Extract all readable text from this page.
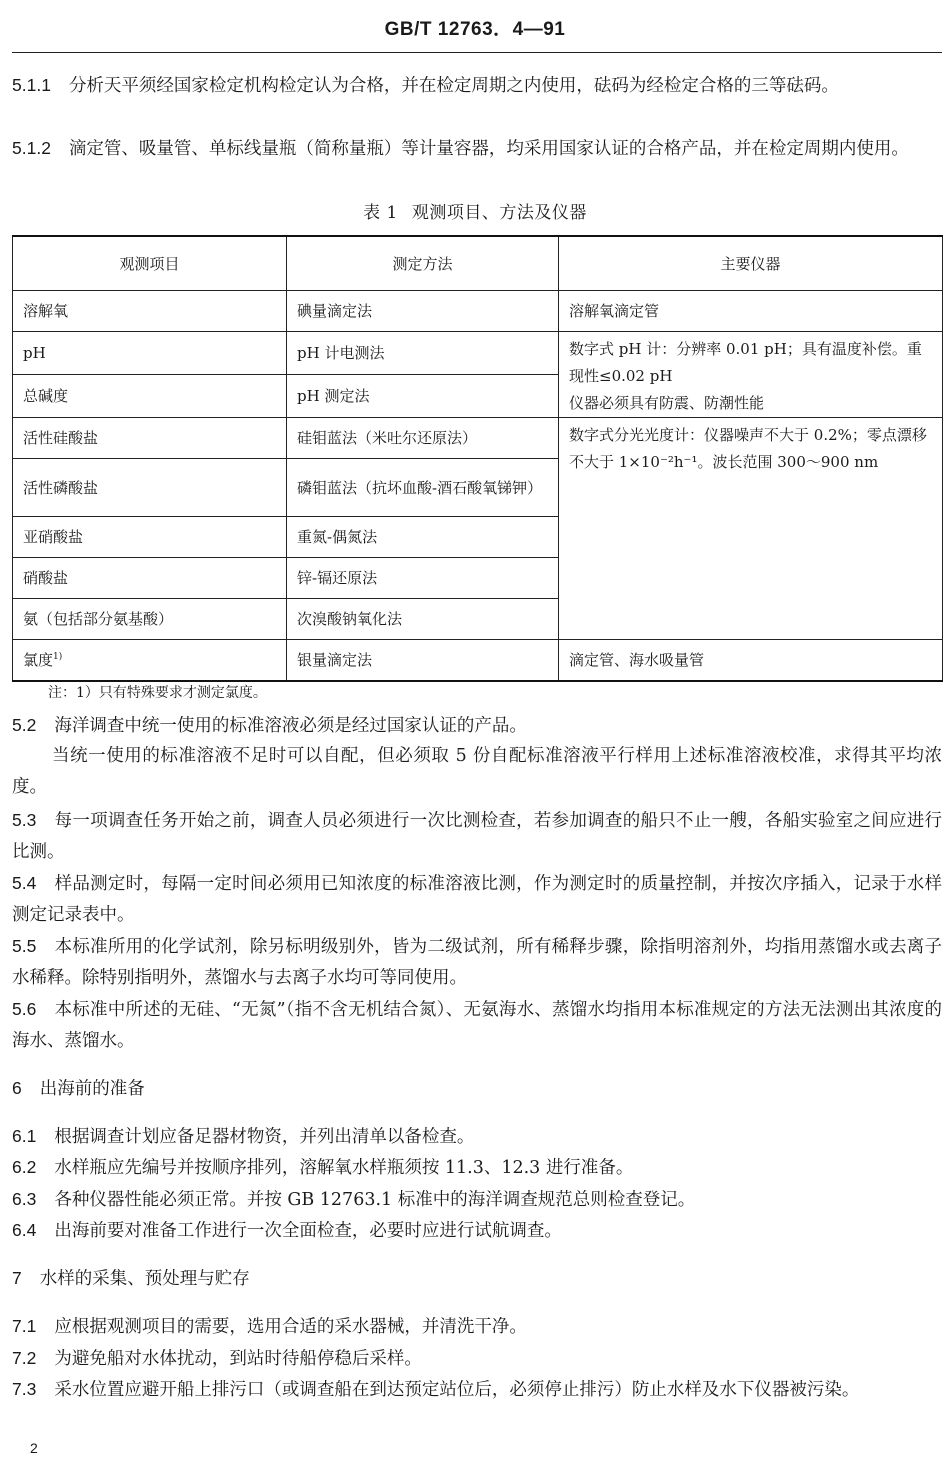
GB/T 12763．4—91
5.1.1 分析天平须经国家检定机构检定认为合格，并在检定周期之内使用，砝码为经检定合格的三等砝码。
5.1.2 滴定管、吸量管、单标线量瓶（简称量瓶）等计量容器，均采用国家认证的合格产品，并在检定周期内使用。
表 1 观测项目、方法及仪器
观测项目	测定方法	主要仪器
溶解氧	碘量滴定法	溶解氧滴定管
pH	pH 计电测法	数字式 pH 计：分辨率 0.01 pH；具有温度补偿。重现性≤0.02 pH
仪器必须具有防震、防潮性能

总碱度	pH 测定法	
活性硅酸盐	硅钼蓝法（米吐尔还原法）	数字式分光光度计：仪器噪声不大于 0.2%；零点漂移不大于 1×10⁻²h⁻¹。波长范围 300～900 nm
活性磷酸盐	磷钼蓝法（抗坏血酸-酒石酸氧锑钾）	
亚硝酸盐	重氮-偶氮法	
硝酸盐	锌-镉还原法	
氨（包括部分氨基酸）	次溴酸钠氧化法	
氯度$^{1)}$	银量滴定法	滴定管、海水吸量管
注：1）只有特殊要求才测定氯度。
5.2 海洋调查中统一使用的标准溶液必须是经过国家认证的产品。
当统一使用的标准溶液不足时可以自配，但必须取 5 份自配标准溶液平行样用上述标准溶液校准，求得其平均浓度。
5.3 每一项调查任务开始之前，调查人员必须进行一次比测检查，若参加调查的船只不止一艘，各船实验室之间应进行比测。
5.4 样品测定时，每隔一定时间必须用已知浓度的标准溶液比测，作为测定时的质量控制，并按次序插入，记录于水样测定记录表中。
5.5 本标准所用的化学试剂，除另标明级别外，皆为二级试剂，所有稀释步骤，除指明溶剂外，均指用蒸馏水或去离子水稀释。除特别指明外，蒸馏水与去离子水均可等同使用。
5.6 本标准中所述的无硅、“无氮”（指不含无机结合氮）、无氨海水、蒸馏水均指用本标准规定的方法无法测出其浓度的海水、蒸馏水。
6 出海前的准备
6.1 根据调查计划应备足器材物资，并列出清单以备检查。
6.2 水样瓶应先编号并按顺序排列，溶解氧水样瓶须按 11.3、12.3 进行准备。
6.3 各种仪器性能必须正常。并按 GB 12763.1 标准中的海洋调查规范总则检查登记。
6.4 出海前要对准备工作进行一次全面检查，必要时应进行试航调查。
7 水样的采集、预处理与贮存
7.1 应根据观测项目的需要，选用合适的采水器械，并清洗干净。
7.2 为避免船对水体扰动，到站时待船停稳后采样。
7.3 采水位置应避开船上排污口（或调查船在到达预定站位后，必须停止排污）防止水样及水下仪器被污染。
2
